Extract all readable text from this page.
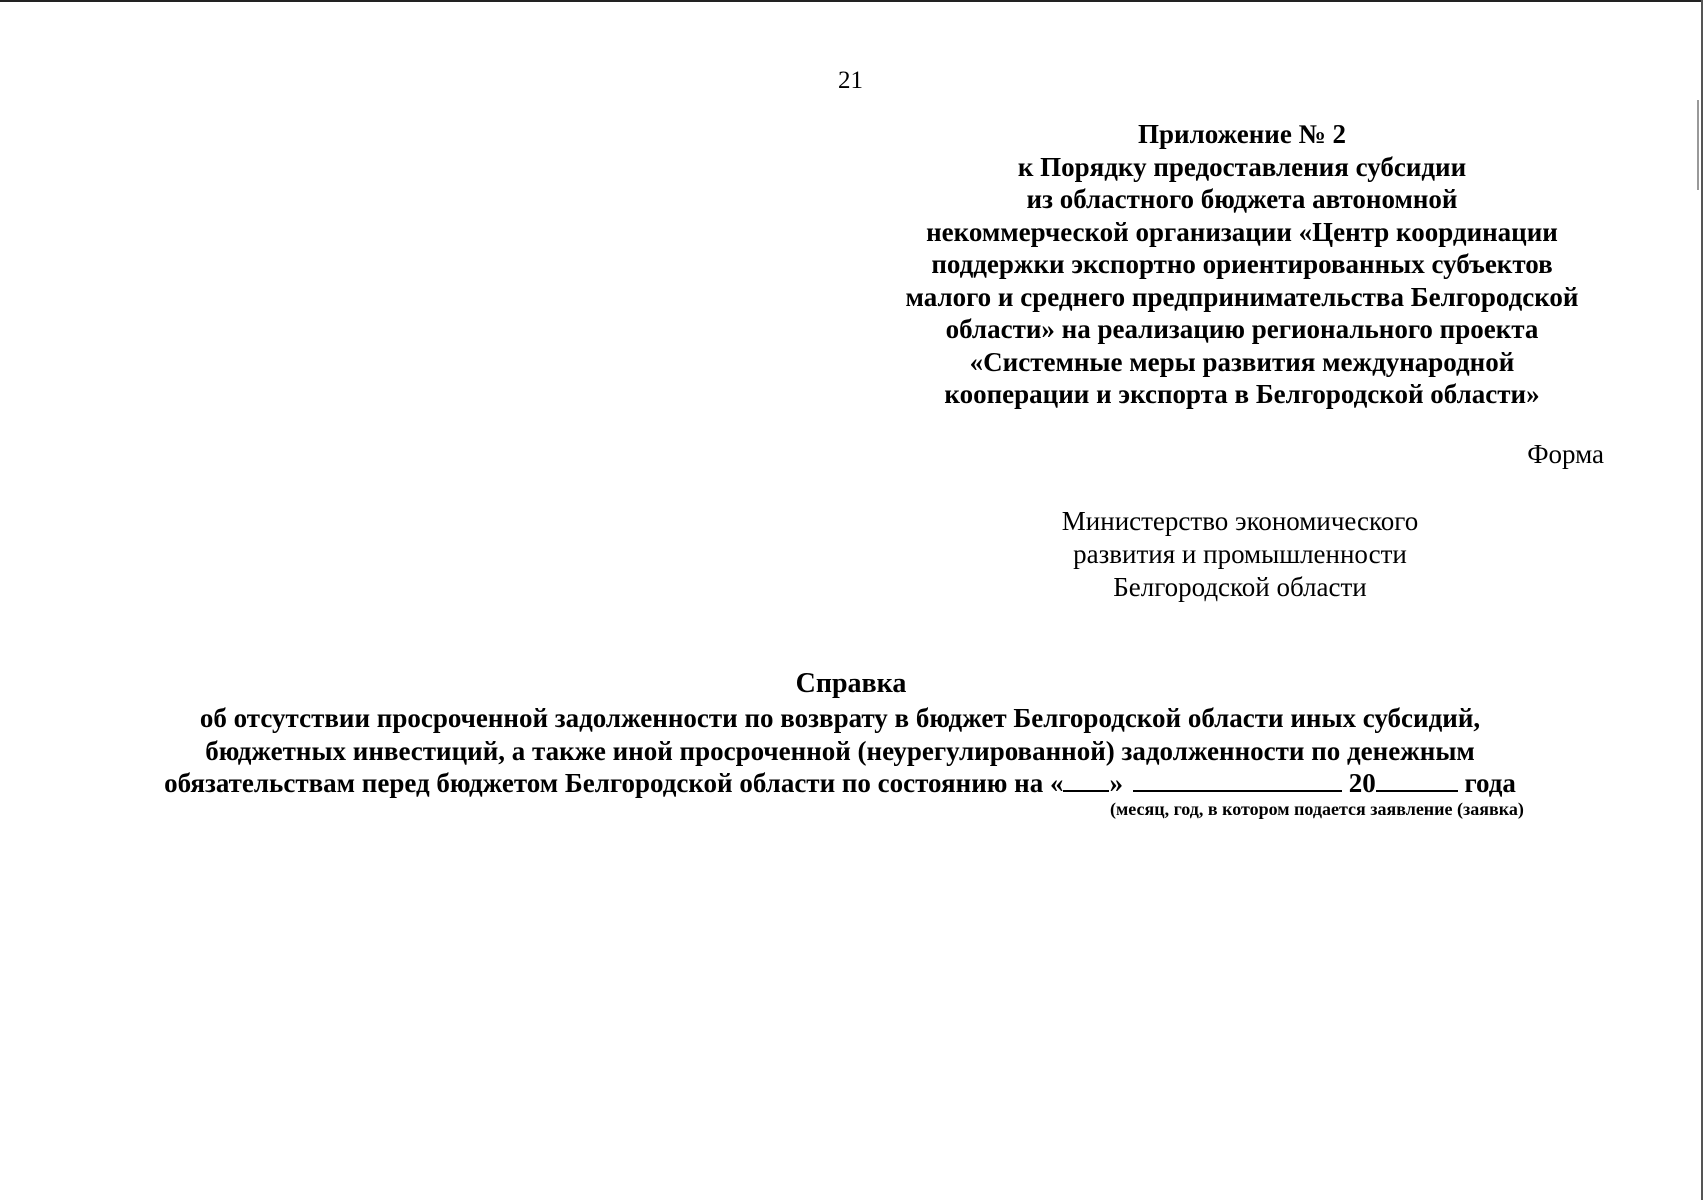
21
Приложение № 2
к Порядку предоставления субсидии
из областного бюджета автономной
некоммерческой организации «Центр координации
поддержки экспортно ориентированных субъектов
малого и среднего предпринимательства Белгородской
области» на реализацию регионального проекта
«Системные меры развития международной
кооперации и экспорта в Белгородской области»
Форма
Министерство экономического
развития и промышленности
Белгородской области
Справка
об отсутствии просроченной задолженности по возврату в бюджет Белгородской области иных субсидий,
бюджетных инвестиций, а также иной просроченной (неурегулированной) задолженности по денежным
обязательствам перед бюджетом Белгородской области по состоянию на « »	20	года
(месяц, год, в котором подается заявление (заявка)
